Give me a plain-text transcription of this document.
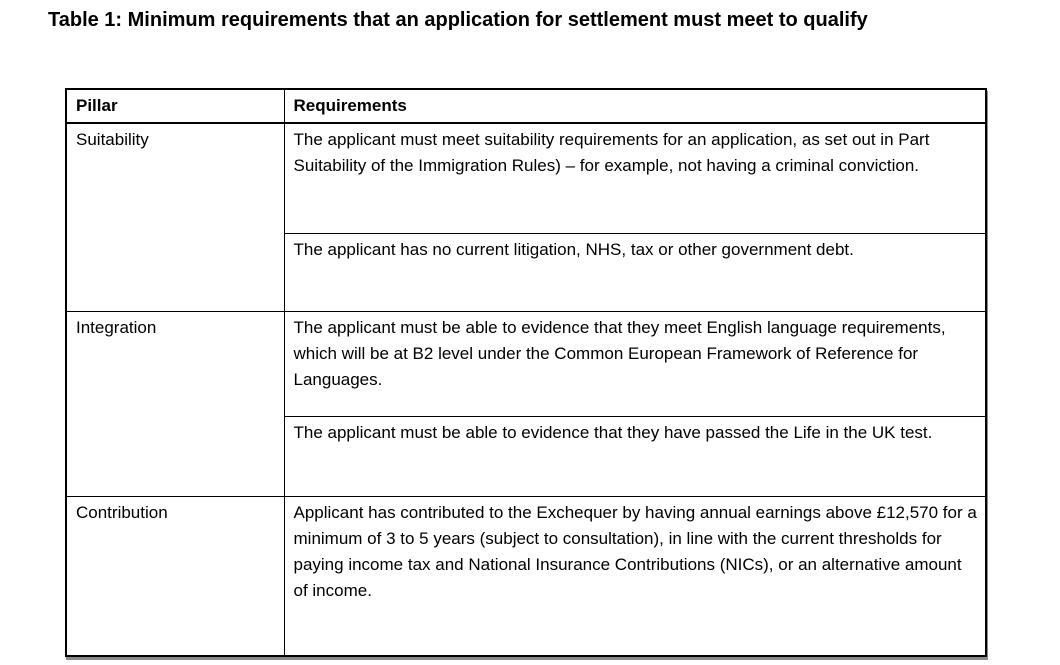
Table 1: Minimum requirements that an application for settlement must meet to qualify
Pillar	Requirements
Suitability	The applicant must meet suitability requirements for an application, as set out in Part Suitability of the Immigration Rules) – for example, not having a criminal conviction.
	The applicant has no current litigation, NHS, tax or other government debt.
Integration	The applicant must be able to evidence that they meet English language requirements, which will be at B2 level under the Common European Framework of Reference for Languages.
	The applicant must be able to evidence that they have passed the Life in the UK test.
Contribution	Applicant has contributed to the Exchequer by having annual earnings above £12,570 for a minimum of 3 to 5 years (subject to consultation), in line with the current thresholds for paying income tax and National Insurance Contributions (NICs), or an alternative amount of income.
